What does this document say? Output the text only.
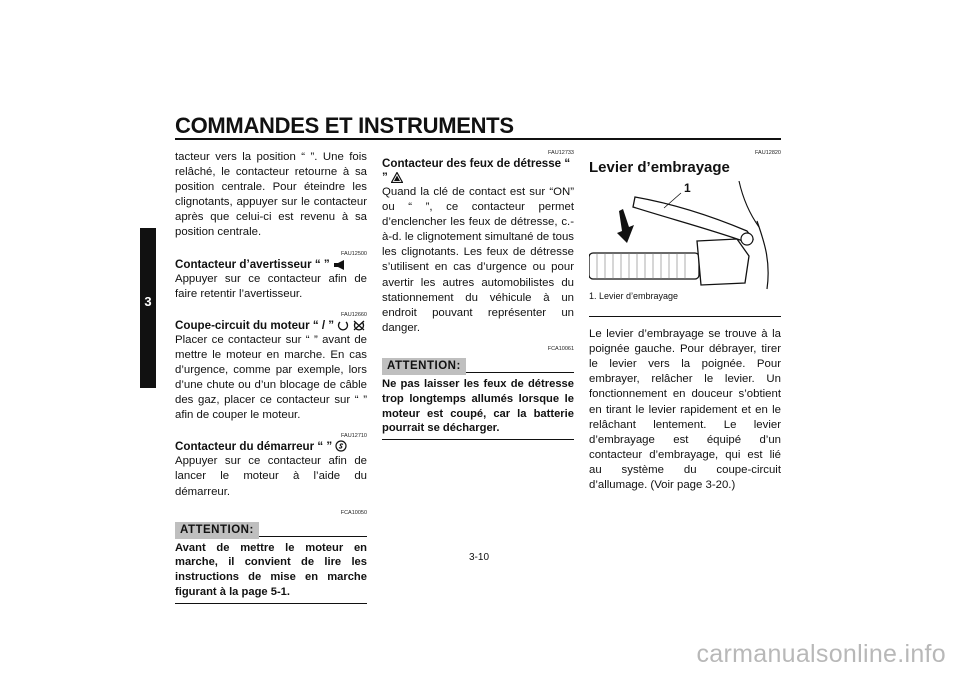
COMMANDES ET INSTRUMENTS
3

tacteur vers la position “ ”. Une fois relâché, le contacteur retourne à sa position centrale. Pour éteindre les clignotants, appuyer sur le contacteur après que celui-ci est revenu à sa position centrale.

FAU12500
Contacteur d’avertisseur “ ”

Appuyer sur ce contacteur afin de faire retentir l’avertisseur.

FAU12660
Coupe-circuit du moteur “ / ”

Placer ce contacteur sur “ ” avant de mettre le moteur en marche. En cas d’urgence, comme par exemple, lors d’une chute ou d’un blocage de câble des gaz, placer ce contacteur sur “ ” afin de couper le moteur.

FAU12710
Contacteur du démarreur “ ”

Appuyer sur ce contacteur afin de lancer le moteur à l’aide du démarreur.

FCA10050
ATTENTION:
Avant de mettre le moteur en marche, il convient de lire les instructions de mise en marche figurant à la page 5-1.
FAU12733
Contacteur des feux de détresse “ ”

Quand la clé de contact est sur “ON” ou “ ”, ce contacteur permet d’enclencher les feux de détresse, c.-à-d. le clignotement simultané de tous les clignotants. Les feux de détresse s’utilisent en cas d’urgence ou pour avertir les autres automobilistes du stationnement du véhicule à un endroit pouvant représenter un danger.

FCA10061
ATTENTION:
Ne pas laisser les feux de détresse trop longtemps allumés lorsque le moteur est coupé, car la batterie pourrait se décharger.
FAU12820
Levier d’embrayage
1
1. Levier d’embrayage

Le levier d’embrayage se trouve à la poignée gauche. Pour débrayer, tirer le levier vers la poignée. Pour embrayer, relâcher le levier. Un fonctionnement en douceur s’obtient en tirant le levier rapidement et en le relâchant lentement. Le levier d’embrayage est équipé d’un contacteur d’embrayage, qui est lié au système du coupe-circuit d’allumage. (Voir page 3-20.)

3-10
carmanualsonline.info
